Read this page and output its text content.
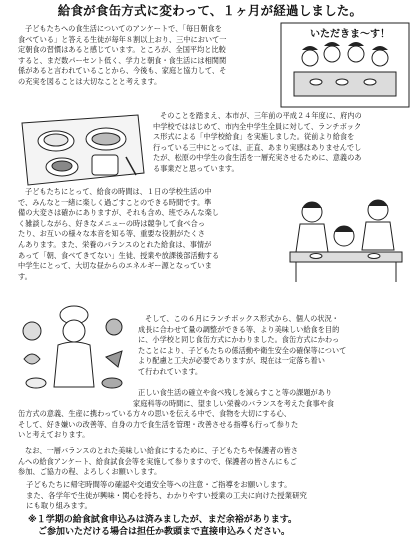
給食が食缶方式に変わって、１ヶ月が経過しました。

子どもたちへの食生活についてのアンケートで、「毎日朝食を

食べている」と答える生徒が毎年８割以上おり、三中において一

定朝食の習慣はあると感じています。ところが、全国平均と比較

すると、まだ数パーセント低く、学力と朝食・食生活には相関関

係があると言われていることから、今後も、家庭と協力して、そ

の充実を図ることは大切なことと考えます。

いただきま～す！

そのことを踏まえ、本市が、三年前の平成２４年度に、府内の

中学校でははじめて、市内全中学生全員に対して、ランチボック

ス形式による「中学校給食」を実施しました。従前より給食を

行っている三中にとっては、正直、あまり実感はありませんでし

たが、松原の中学生の食生活を一層充実させるために、意義のあ

る事業だと思っています。

子どもたちにとって、給食の時間は、１日の学校生活の中

で、みんなと一緒に楽しく過ごすことのできる時間です。準

備の大変さは確かにありますが、それも含め、班でみんな楽し

く雑談しながら、好きなメニューの時は競争して食べ合っ

たり、お互いの様々な本音を知る等、重要な役割がたくさ

んあります。また、栄養のバランスのとれた給食は、事情が

あって「朝、食べてきてない」生徒、授業や放課後部活動する

中学生にとって、大切な昼からのエネルギー源となっていま

す。

そして、この６月にランチボックス形式から、個人の状況・

成長に合わせて量の調整ができる等、より美味しい給食を目的

に、小学校と同じ食缶方式にかわりました。食缶方式にかわっ

たことにより、子どもたちの係活動や衛生安全の確保等について

より配慮と工夫が必要でありますが、現在は一定落ち着い

て行われています。

正しい食生活の確立や食べ残しを減らすこと等の課題があり

家庭科等の時間に、望ましい栄養のバランスを考えた食事や食

缶方式の意義、生産に携わっている方々の思いを伝える中で、食物を大切にする心、

そして、好き嫌いの改善等、自身の力で食生活を管理・改善させる指導も行って参りた

いと考えております。

なお、一層バランスのとれた美味しい給食にするために、子どもたちや保護者の皆さ

んへの給食アンケート、給食試食会等を実施して参りますので、保護者の皆さんにもご

参加、ご協力の程、よろしくお願いします。

子どもたちに帰宅時間等の確認や交通安全等への注意・ご指導をお願いします。

また、各学年で生徒が興味・関心を持ち、わかりやすい授業の工夫に向けた授業研究

にも取り組みます。

※１学期の給食試食申込みは済みましたが、まだ余裕があります。

ご参加いただける場合は担任か教頭まで直接申込みください。
